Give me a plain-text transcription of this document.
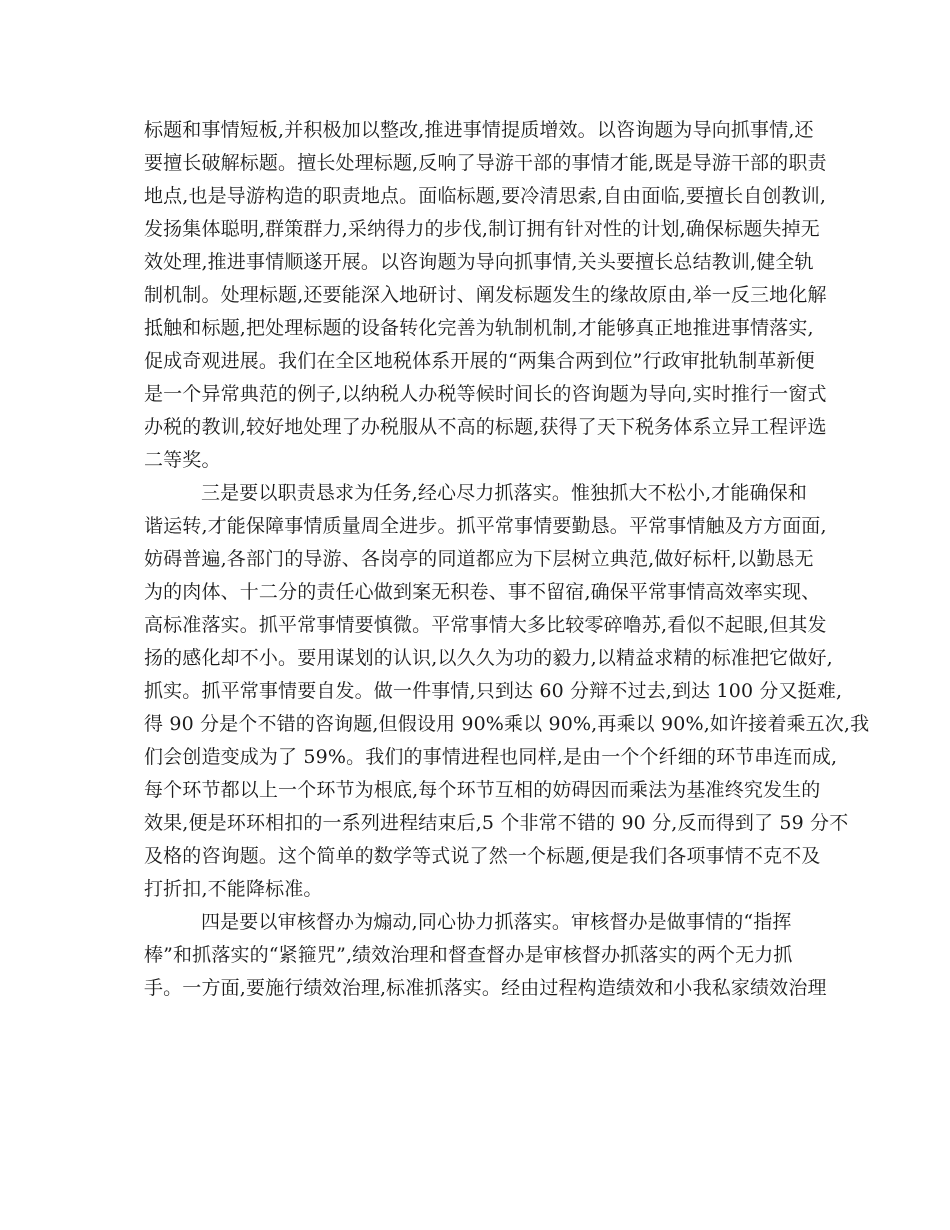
标题和事情短板,并积极加以整改,推进事情提质增效。以咨询题为导向抓事情,还
要擅长破解标题。擅长处理标题,反响了导游干部的事情才能,既是导游干部的职责
地点,也是导游构造的职责地点。面临标题,要冷清思索,自由面临,要擅长自创教训,
发扬集体聪明,群策群力,采纳得力的步伐,制订拥有针对性的计划,确保标题失掉无
效处理,推进事情顺遂开展。以咨询题为导向抓事情,关头要擅长总结教训,健全轨
制机制。处理标题,还要能深入地研讨、阐发标题发生的缘故原由,举一反三地化解
抵触和标题,把处理标题的设备转化完善为轨制机制,才能够真正地推进事情落实,
促成奇观进展。我们在全区地税体系开展的“两集合两到位”行政审批轨制革新便
是一个异常典范的例子,以纳税人办税等候时间长的咨询题为导向,实时推行一窗式
办税的教训,较好地处理了办税服从不高的标题,获得了天下税务体系立异工程评选
二等奖。
三是要以职责恳求为任务,经心尽力抓落实。惟独抓大不松小,才能确保和
谐运转,才能保障事情质量周全进步。抓平常事情要勤恳。平常事情触及方方面面,
妨碍普遍,各部门的导游、各岗亭的同道都应为下层树立典范,做好标杆,以勤恳无
为的肉体、十二分的责任心做到案无积卷、事不留宿,确保平常事情高效率实现、
高标准落实。抓平常事情要慎微。平常事情大多比较零碎噜苏,看似不起眼,但其发
扬的感化却不小。要用谋划的认识,以久久为功的毅力,以精益求精的标准把它做好,
抓实。抓平常事情要自发。做一件事情,只到达 60 分辩不过去,到达 100 分又挺难,
得 90 分是个不错的咨询题,但假设用 90%乘以 90%,再乘以 90%,如许接着乘五次,我
们会创造变成为了 59%。我们的事情进程也同样,是由一个个纤细的环节串连而成,
每个环节都以上一个环节为根底,每个环节互相的妨碍因而乘法为基准终究发生的
效果,便是环环相扣的一系列进程结束后,5 个非常不错的 90 分,反而得到了 59 分不
及格的咨询题。这个简单的数学等式说了然一个标题,便是我们各项事情不克不及
打折扣,不能降标准。
四是要以审核督办为煽动,同心协力抓落实。审核督办是做事情的“指挥
棒”和抓落实的“紧箍咒”,绩效治理和督查督办是审核督办抓落实的两个无力抓
手。一方面,要施行绩效治理,标准抓落实。经由过程构造绩效和小我私家绩效治理
